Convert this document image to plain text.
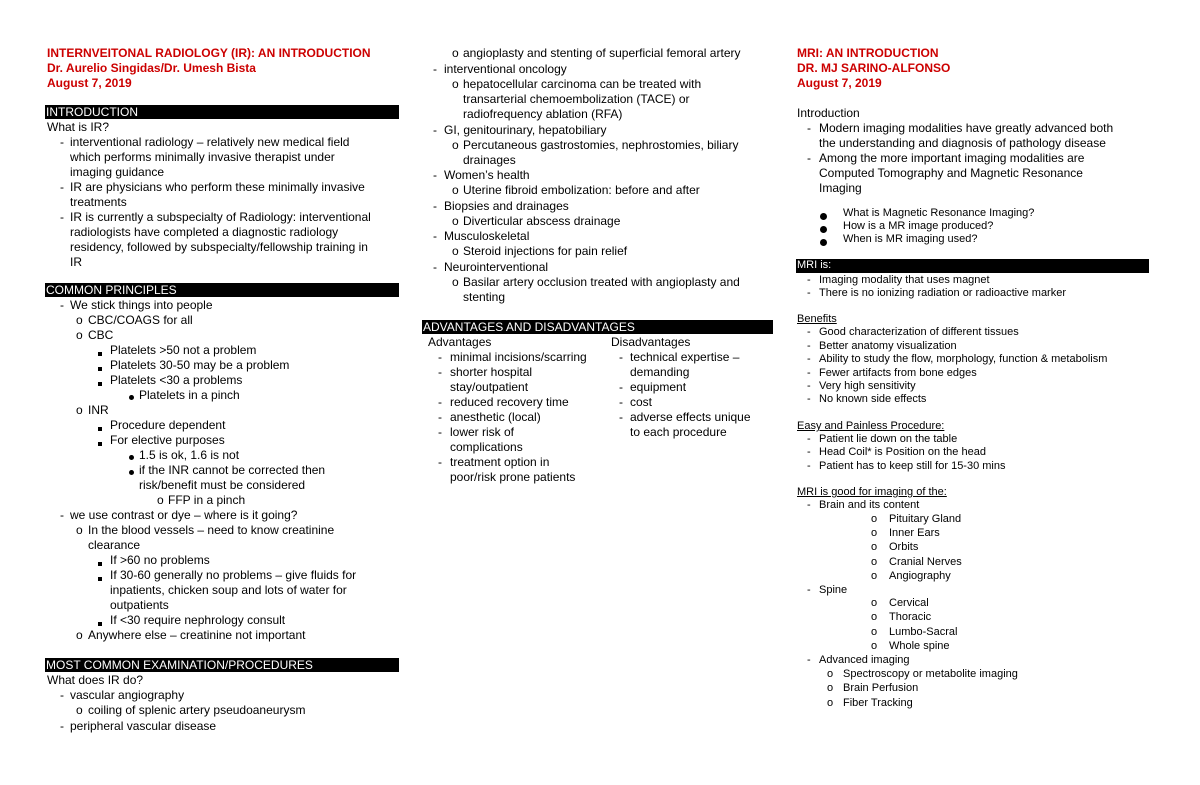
INTERNVEITONAL RADIOLOGY (IR): AN INTRODUCTION
Dr. Aurelio Singidas/Dr. Umesh Bista
August 7, 2019
INTRODUCTION
What is IR?
- interventional radiology – relatively new medical field
which performs minimally invasive therapist under
imaging guidance
- IR are physicians who perform these minimally invasive
treatments
- IR is currently a subspecialty of Radiology: interventional
radiologists have completed a diagnostic radiology
residency, followed by subspecialty/fellowship training in
IR
COMMON PRINCIPLES
- We stick things into people
o CBC/COAGS for all
o CBC
Platelets >50 not a problem
Platelets 30-50 may be a problem
Platelets <30 a problems
Platelets in a pinch
o INR
Procedure dependent
For elective purposes
1.5 is ok, 1.6 is not
if the INR cannot be corrected then
risk/benefit must be considered
o FFP in a pinch
- we use contrast or dye – where is it going?
o In the blood vessels – need to know creatinine
clearance
If >60 no problems
If 30-60 generally no problems – give fluids for
inpatients, chicken soup and lots of water for
outpatients
If <30 require nephrology consult
o Anywhere else – creatinine not important
MOST COMMON EXAMINATION/PROCEDURES
What does IR do?
- vascular angiography
o coiling of splenic artery pseudoaneurysm
- peripheral vascular disease
o angioplasty and stenting of superficial femoral artery
- interventional oncology
o hepatocellular carcinoma can be treated with
transarterial chemoembolization (TACE) or
radiofrequency ablation (RFA)
- GI, genitourinary, hepatobiliary
o Percutaneous gastrostomies, nephrostomies, biliary
drainages
- Women’s health
o Uterine fibroid embolization: before and after
- Biopsies and drainages
o Diverticular abscess drainage
- Musculoskeletal
o Steroid injections for pain relief
- Neurointerventional
o Basilar artery occlusion treated with angioplasty and
stenting
ADVANTAGES AND DISADVANTAGES
Advantages	Disadvantages
- minimal incisions/scarring
- shorter hospital
stay/outpatient
- reduced recovery time
- anesthetic (local)
- lower risk of
complications
- treatment option in
poor/risk prone patients
- technical expertise –
demanding
- equipment
- cost
- adverse effects unique
to each procedure
MRI: AN INTRODUCTION
DR. MJ SARINO-ALFONSO
August 7, 2019
Introduction
- Modern imaging modalities have greatly advanced both
the understanding and diagnosis of pathology disease
- Among the more important imaging modalities are
Computed Tomography and Magnetic Resonance
Imaging
What is Magnetic Resonance Imaging?
How is a MR image produced?
When is MR imaging used?
MRI is:
- Imaging modality that uses magnet
- There is no ionizing radiation or radioactive marker
Benefits
- Good characterization of different tissues
- Better anatomy visualization
- Ability to study the flow, morphology, function & metabolism
- Fewer artifacts from bone edges
- Very high sensitivity
- No known side effects
Easy and Painless Procedure:
- Patient lie down on the table
- Head Coil* is Position on the head
- Patient has to keep still for 15-30 mins
MRI is good for imaging of the:
- Brain and its content
o Pituitary Gland
o Inner Ears
o Orbits
o Cranial Nerves
o Angiography
- Spine
o Cervical
o Thoracic
o Lumbo-Sacral
o Whole spine
- Advanced imaging
o Spectroscopy or metabolite imaging
o Brain Perfusion
o Fiber Tracking
